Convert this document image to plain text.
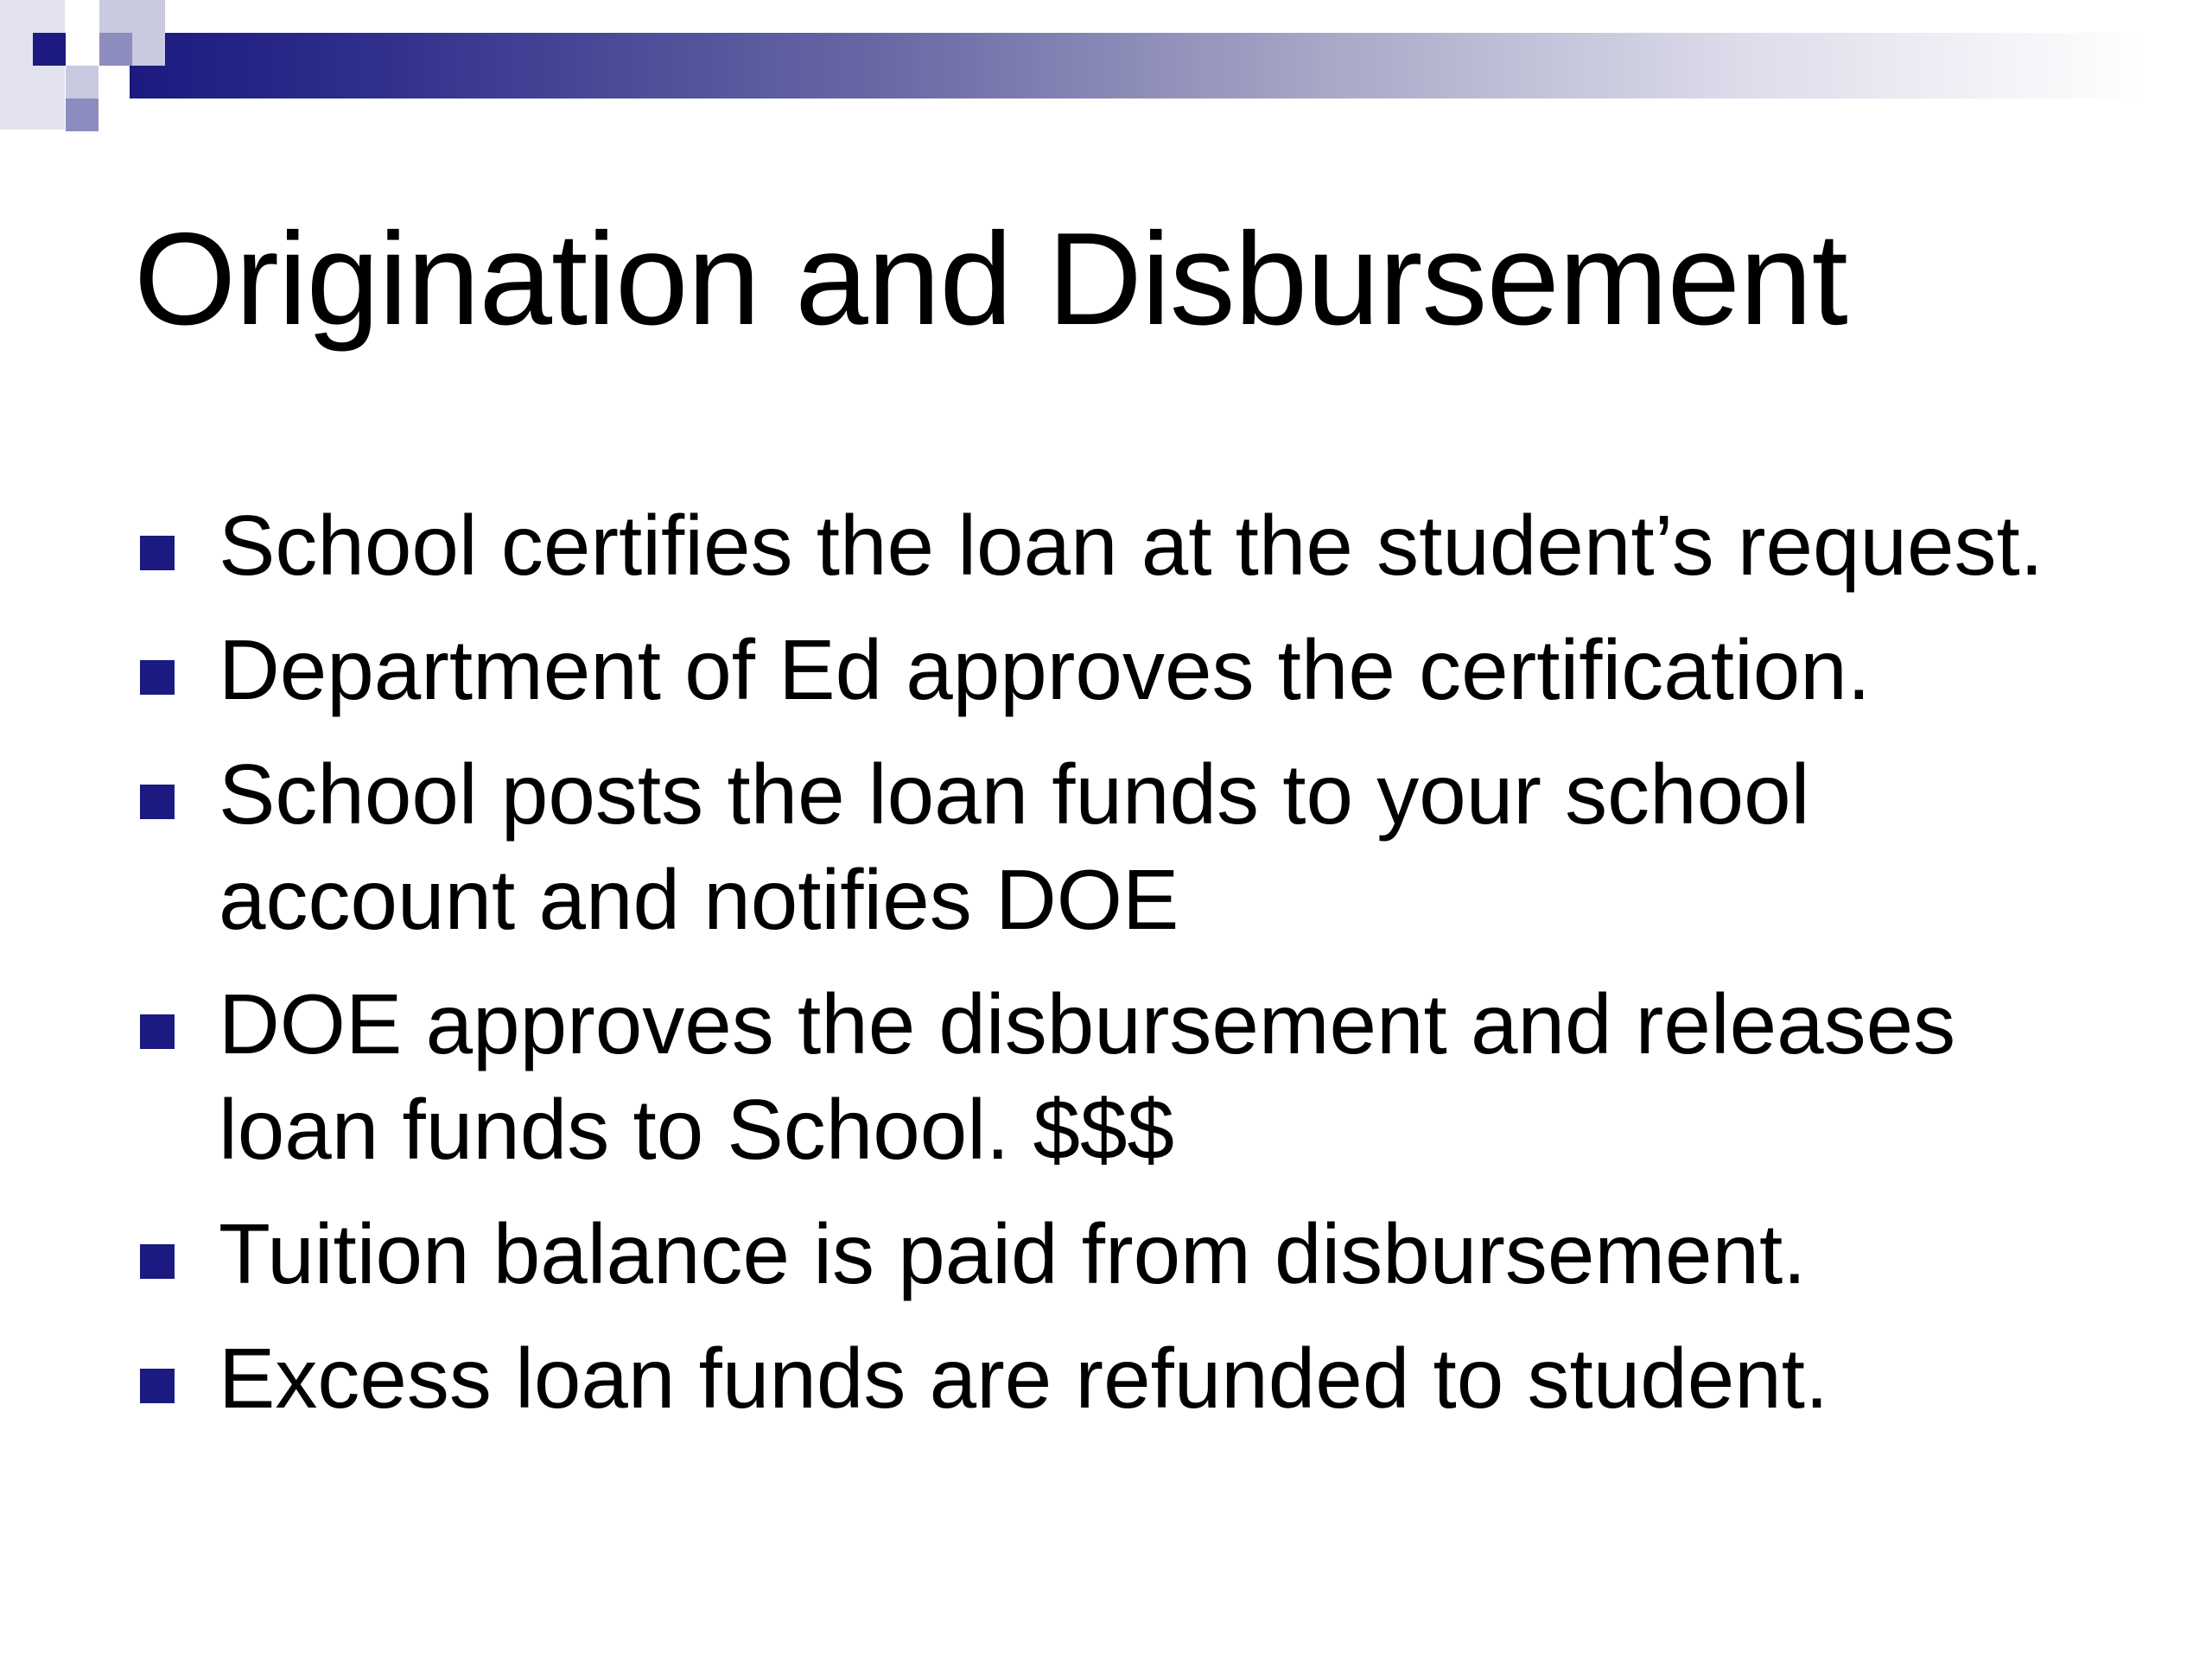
Origination and Disbursement
School certifies the loan at the student’s request.
Department of Ed approves the certification.
School posts the loan funds to your school account and notifies DOE
DOE approves the disbursement and releases loan funds to School. $$$
Tuition balance is paid from disbursement.
Excess loan funds are refunded to student.
